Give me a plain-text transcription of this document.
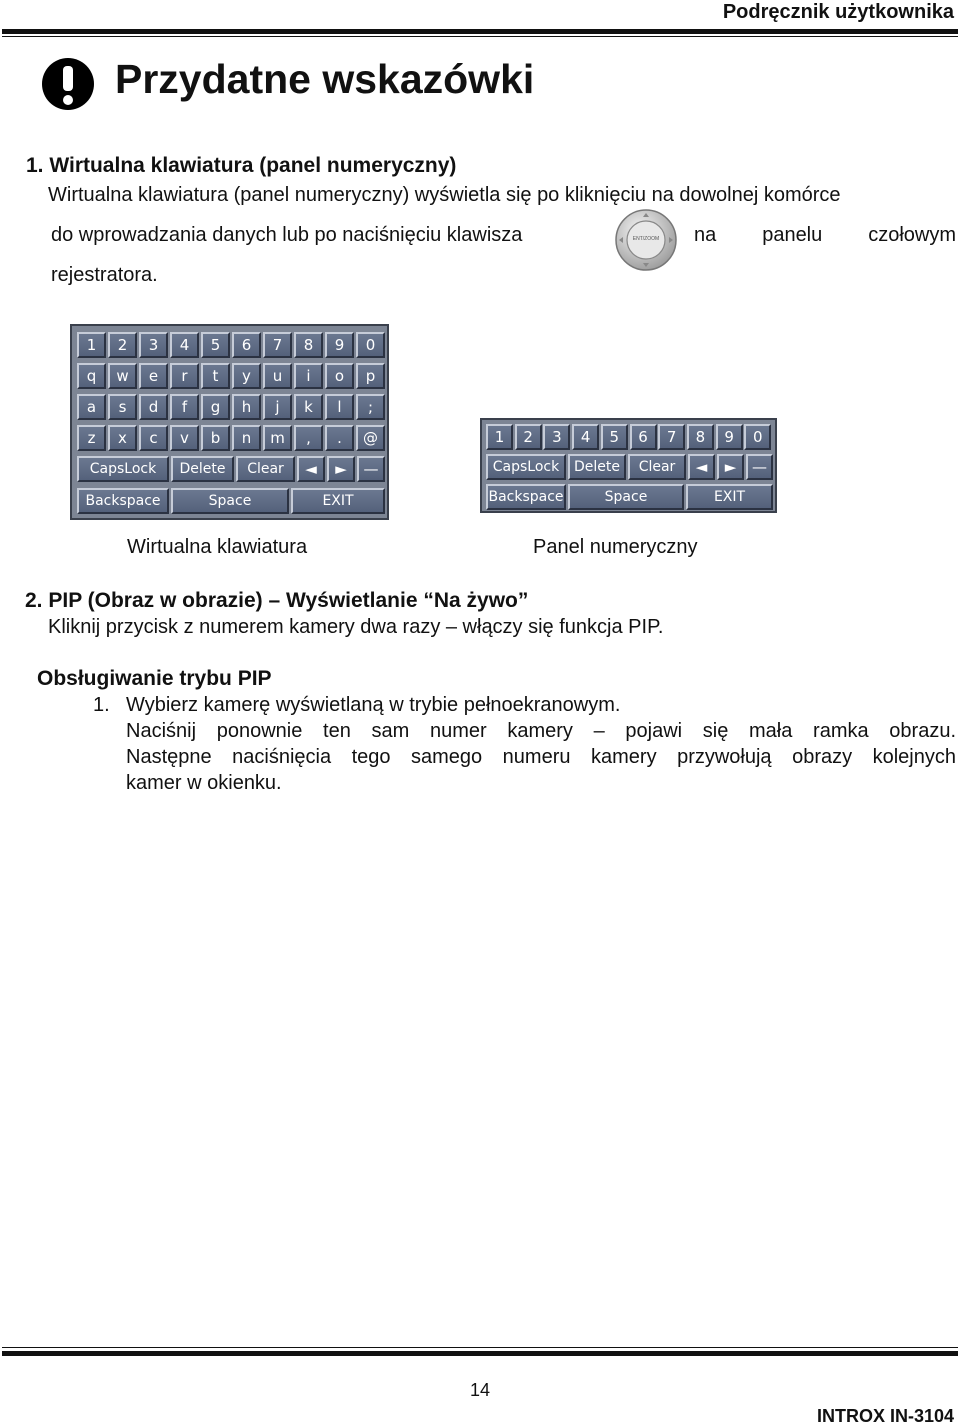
Podręcznik użytkownika
Przydatne wskazówki
1. Wirtualna klawiatura (panel numeryczny)
Wirtualna klawiatura (panel numeryczny) wyświetla się po kliknięciu na dowolnej komórce
do wprowadzania danych lub po naciśnięciu klawisza	na panelu czołowym
rejestratora.
ENT/ZOOM
1	2	3	4	5	6	7	8	9	0
q	w	e	r	t	y	u	i	o	p
a	s	d	f	g	h	j	k	l	;
z	x	c	v	b	n	m	,	.	@
CapsLock	Delete	Clear	◄	►	—
Backspace	Space	EXIT
1	2	3	4	5	6	7	8	9	0
CapsLock	Delete	Clear	◄	►	—
Backspace	Space	EXIT
Wirtualna klawiatura	Panel numeryczny
2. PIP (Obraz w obrazie) – Wyświetlanie “Na żywo”
Kliknij przycisk z numerem kamery dwa razy – włączy się funkcja PIP.
Obsługiwanie trybu PIP
1. Wybierz kamerę wyświetlaną w trybie pełnoekranowym.
Naciśnij ponownie ten sam numer kamery – pojawi się mała ramka obrazu.
Następne naciśnięcia tego samego numeru kamery przywołują obrazy kolejnych
kamer w okienku.
14
INTROX IN-3104
